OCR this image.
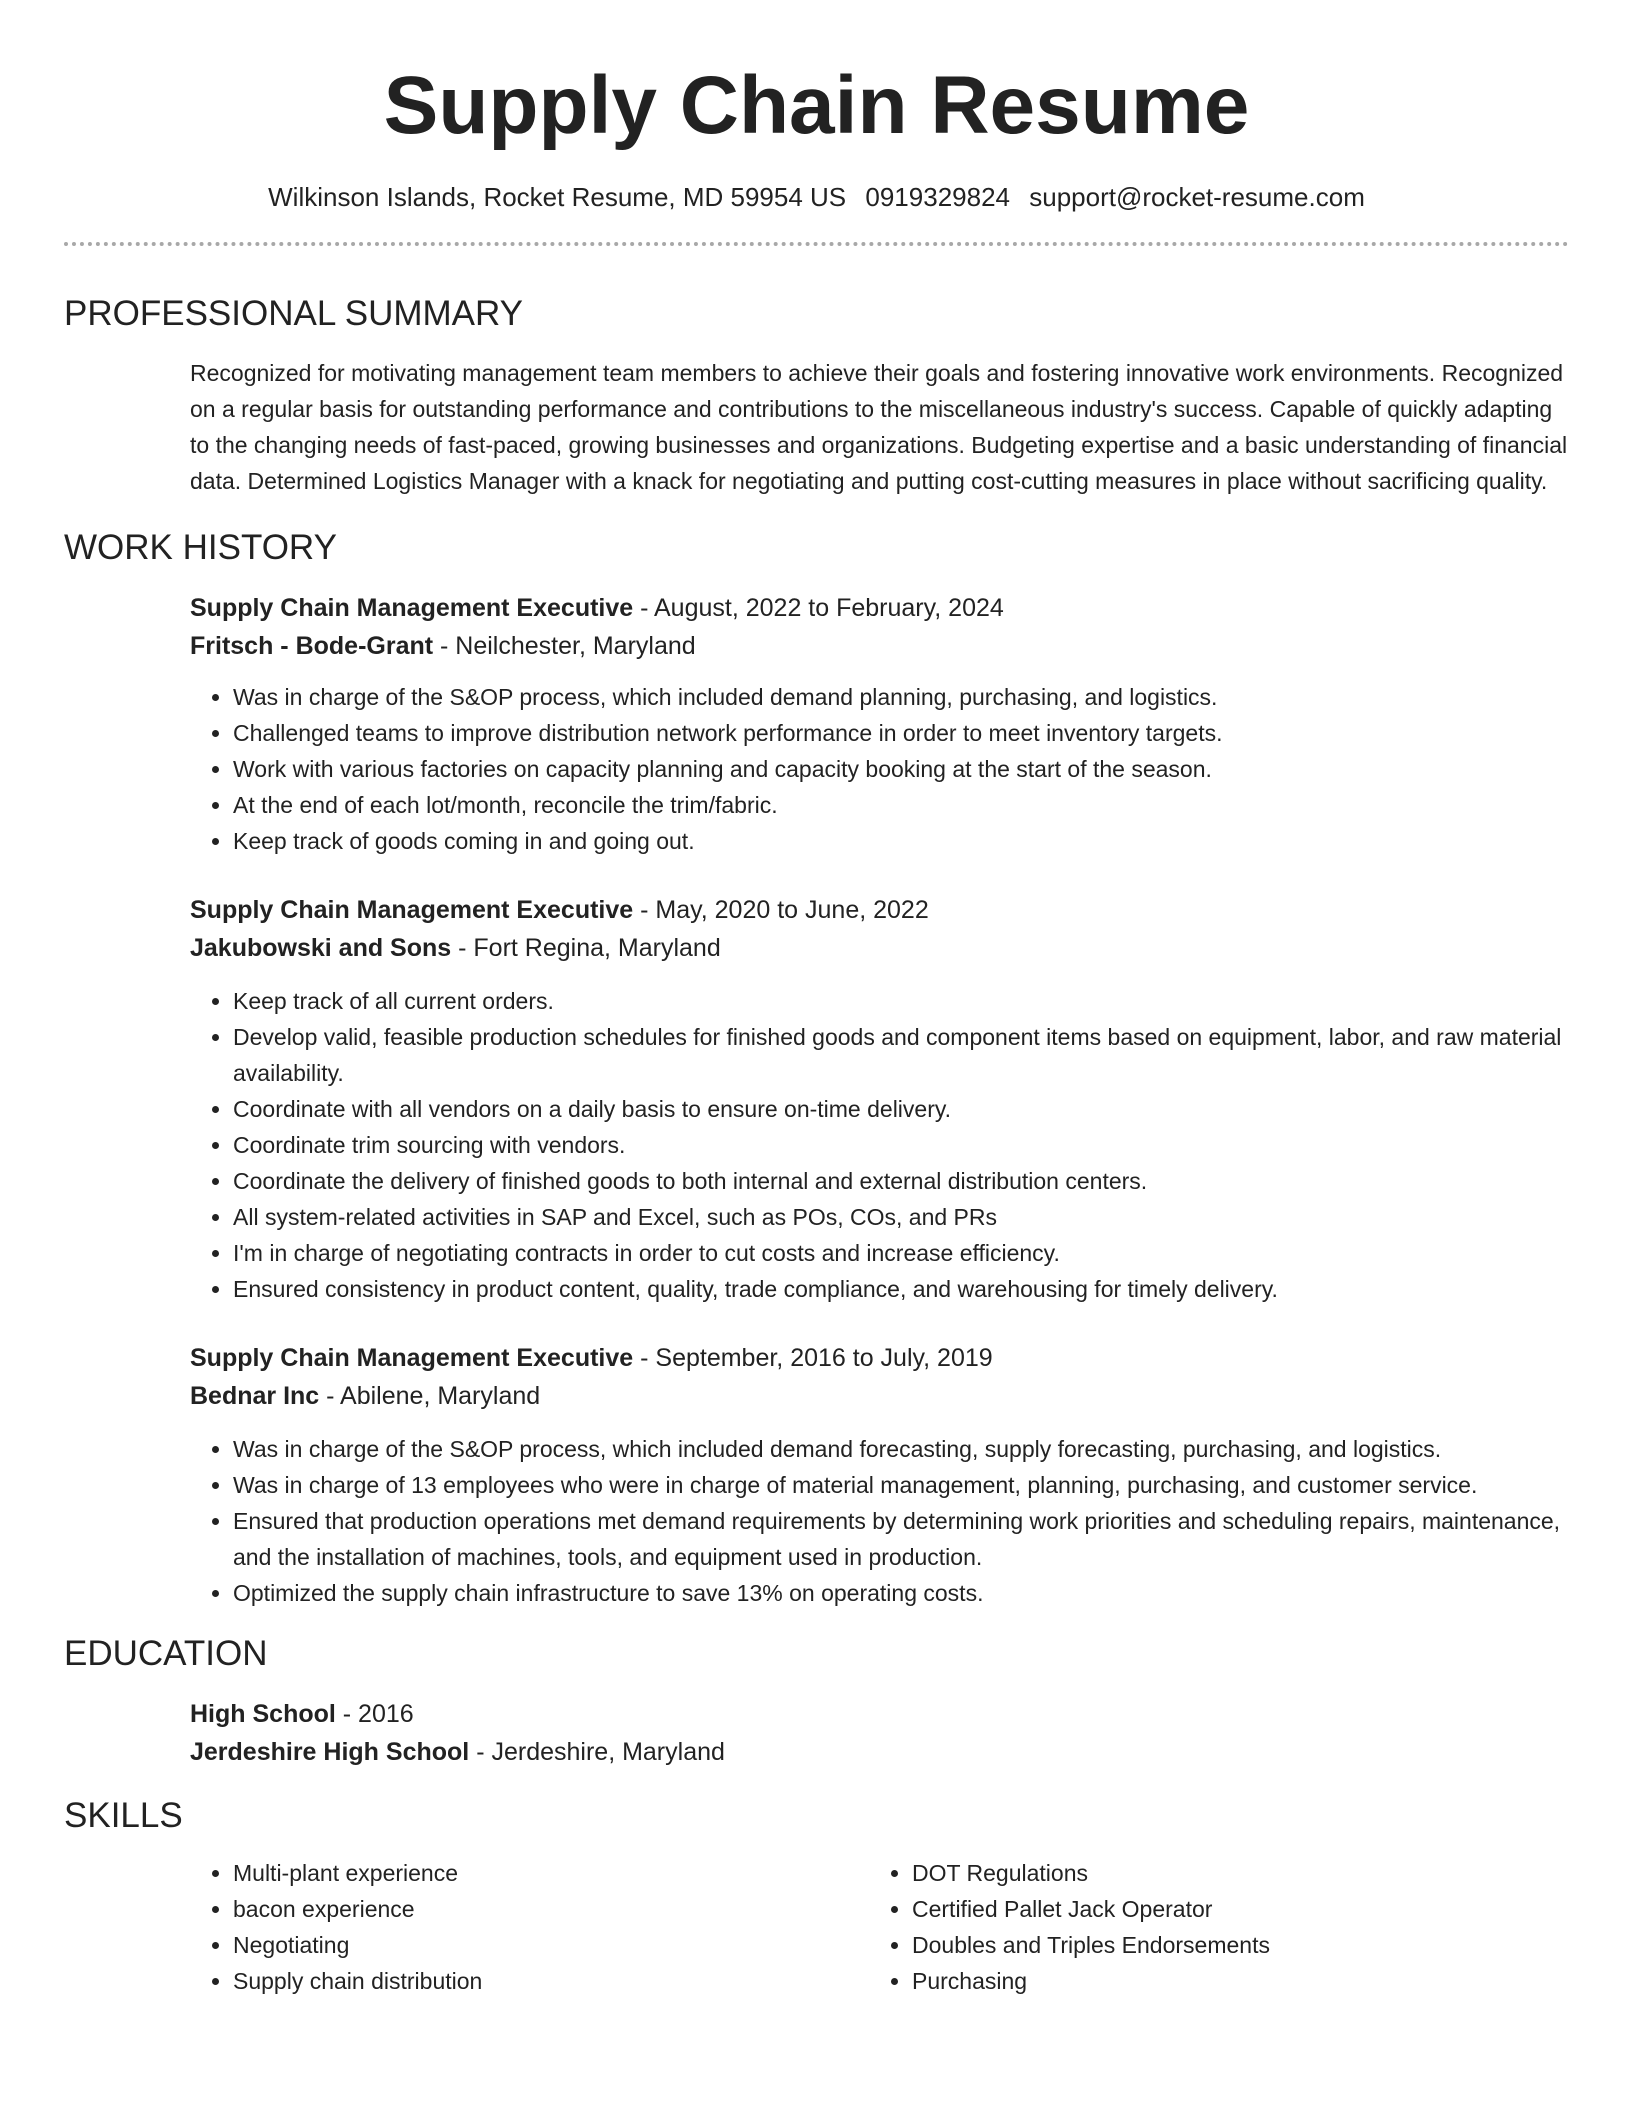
Supply Chain Resume
Wilkinson Islands, Rocket Resume, MD 59954 US 0919329824 support@rocket-resume.com
PROFESSIONAL SUMMARY

Recognized for motivating management team members to achieve their goals and fostering innovative work environments. Recognized on a regular basis for outstanding performance and contributions to the miscellaneous industry's success. Capable of quickly adapting to the changing needs of fast-paced, growing businesses and organizations. Budgeting expertise and a basic understanding of financial data. Determined Logistics Manager with a knack for negotiating and putting cost-cutting measures in place without sacrificing quality.

WORK HISTORY

Supply Chain Management Executive - August, 2022 to February, 2024

Fritsch - Bode-Grant - Neilchester, Maryland

• Was in charge of the S&OP process, which included demand planning, purchasing, and logistics.
• Challenged teams to improve distribution network performance in order to meet inventory targets.
• Work with various factories on capacity planning and capacity booking at the start of the season.
• At the end of each lot/month, reconcile the trim/fabric.
• Keep track of goods coming in and going out.

Supply Chain Management Executive - May, 2020 to June, 2022

Jakubowski and Sons - Fort Regina, Maryland

• Keep track of all current orders.
• Develop valid, feasible production schedules for finished goods and component items based on equipment, labor, and raw material availability.
• Coordinate with all vendors on a daily basis to ensure on-time delivery.
• Coordinate trim sourcing with vendors.
• Coordinate the delivery of finished goods to both internal and external distribution centers.
• All system-related activities in SAP and Excel, such as POs, COs, and PRs
• I'm in charge of negotiating contracts in order to cut costs and increase efficiency.
• Ensured consistency in product content, quality, trade compliance, and warehousing for timely delivery.

Supply Chain Management Executive - September, 2016 to July, 2019

Bednar Inc - Abilene, Maryland

• Was in charge of the S&OP process, which included demand forecasting, supply forecasting, purchasing, and logistics.
• Was in charge of 13 employees who were in charge of material management, planning, purchasing, and customer service.
• Ensured that production operations met demand requirements by determining work priorities and scheduling repairs, maintenance, and the installation of machines, tools, and equipment used in production.
• Optimized the supply chain infrastructure to save 13% on operating costs.
EDUCATION

High School - 2016

Jerdeshire High School - Jerdeshire, Maryland

SKILLS
• Multi-plant experience
• bacon experience
• Negotiating
• Supply chain distribution
• DOT Regulations
• Certified Pallet Jack Operator
• Doubles and Triples Endorsements
• Purchasing
